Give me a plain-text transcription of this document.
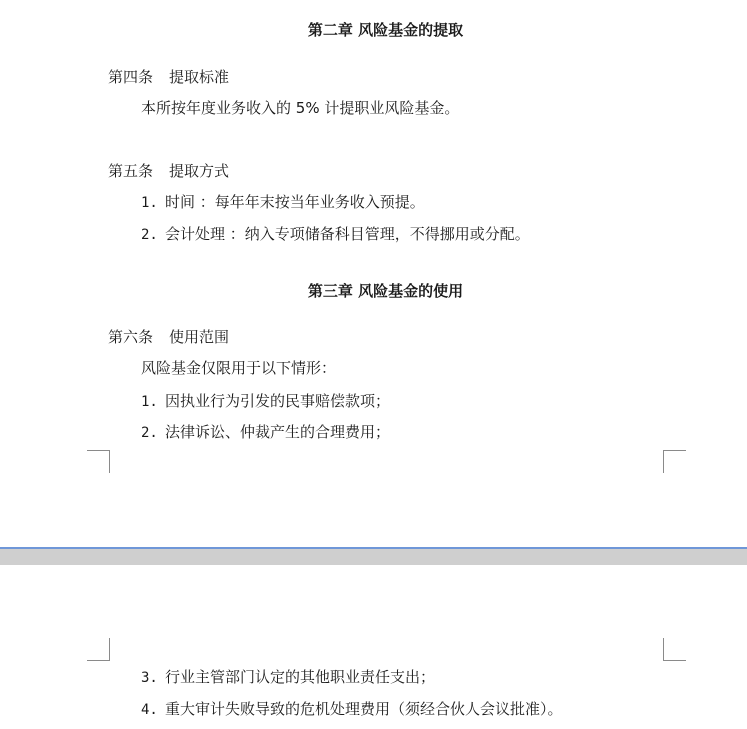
第二章 风险基金的提取
第四条 提取标准
本所按年度业务收入的 5% 计提职业风险基金。
第五条 提取方式
1. 时间 ：每年年末按当年业务收入预提。
2. 会计处理 ：纳入专项储备科目管理，不得挪用或分配。
第三章 风险基金的使用
第六条 使用范围
风险基金仅限用于以下情形：
1. 因执业行为引发的民事赔偿款项；
2. 法律诉讼、仲裁产生的合理费用；
3. 行业主管部门认定的其他职业责任支出；
4. 重大审计失败导致的危机处理费用（须经合伙人会议批准）。
